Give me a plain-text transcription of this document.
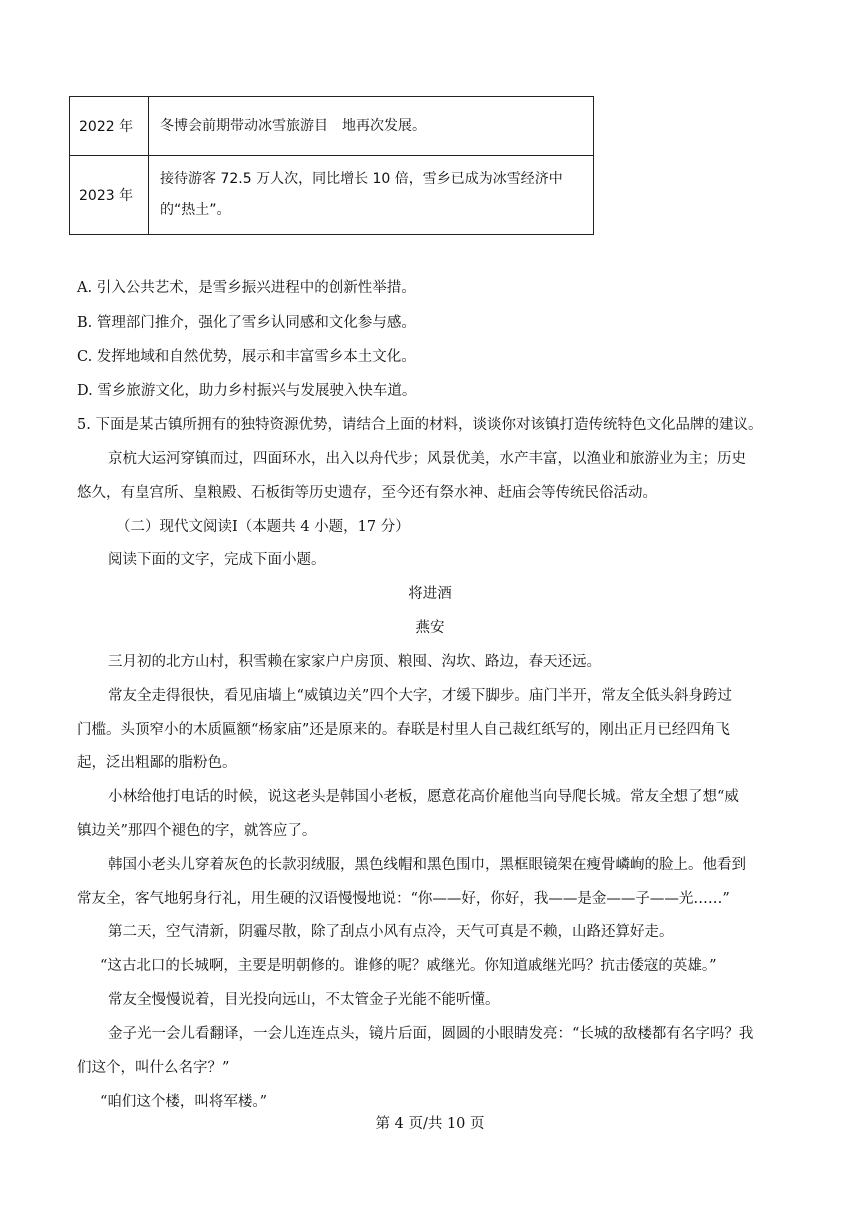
2022 年	冬博会前期带动冰雪旅游目　地再次发展。

2023 年	接待游客 72.5 万人次，同比增长 10 倍，雪乡已成为冰雪经济中
的“热土”。
A. 引入公共艺术，是雪乡振兴进程中的创新性举措。
B. 管理部门推介，强化了雪乡认同感和文化参与感。
C. 发挥地域和自然优势，展示和丰富雪乡本土文化。
D. 雪乡旅游文化，助力乡村振兴与发展驶入快车道。
5. 下面是某古镇所拥有的独特资源优势，请结合上面的材料，谈谈你对该镇打造传统特色文化品牌的建议。
京杭大运河穿镇而过，四面环水，出入以舟代步；风景优美，水产丰富，以渔业和旅游业为主；历史
悠久，有皇宫所、皇粮殿、石板街等历史遗存，至今还有祭水神、赶庙会等传统民俗活动。
（二）现代文阅读Ⅰ（本题共 4 小题，17 分）
阅读下面的文字，完成下面小题。
将进酒
燕安
三月初的北方山村，积雪赖在家家户户房顶、粮囤、沟坎、路边，春天还远。
常友全走得很快，看见庙墙上“威镇边关”四个大字，才缓下脚步。庙门半开，常友全低头斜身跨过
门槛。头顶窄小的木质匾额“杨家庙”还是原来的。春联是村里人自己裁红纸写的，刚出正月已经四角飞
起，泛出粗鄙的脂粉色。
小林给他打电话的时候，说这老头是韩国小老板，愿意花高价雇他当向导爬长城。常友全想了想“威
镇边关”那四个褪色的字，就答应了。
韩国小老头儿穿着灰色的长款羽绒服，黑色线帽和黑色围巾，黑框眼镜架在瘦骨嶙峋的脸上。他看到
常友全，客气地躬身行礼，用生硬的汉语慢慢地说：“你——好，你好，我——是金——子——光……”
第二天，空气清新，阴霾尽散，除了刮点小风有点冷，天气可真是不赖，山路还算好走。
“这古北口的长城啊，主要是明朝修的。谁修的呢？戚继光。你知道戚继光吗？抗击倭寇的英雄。”
常友全慢慢说着，目光投向远山，不太管金子光能不能听懂。
金子光一会儿看翻译，一会儿连连点头，镜片后面，圆圆的小眼睛发亮：“长城的敌楼都有名字吗？我
们这个，叫什么名字？”
“咱们这个楼，叫将军楼。”
第 4 页/共 10 页
